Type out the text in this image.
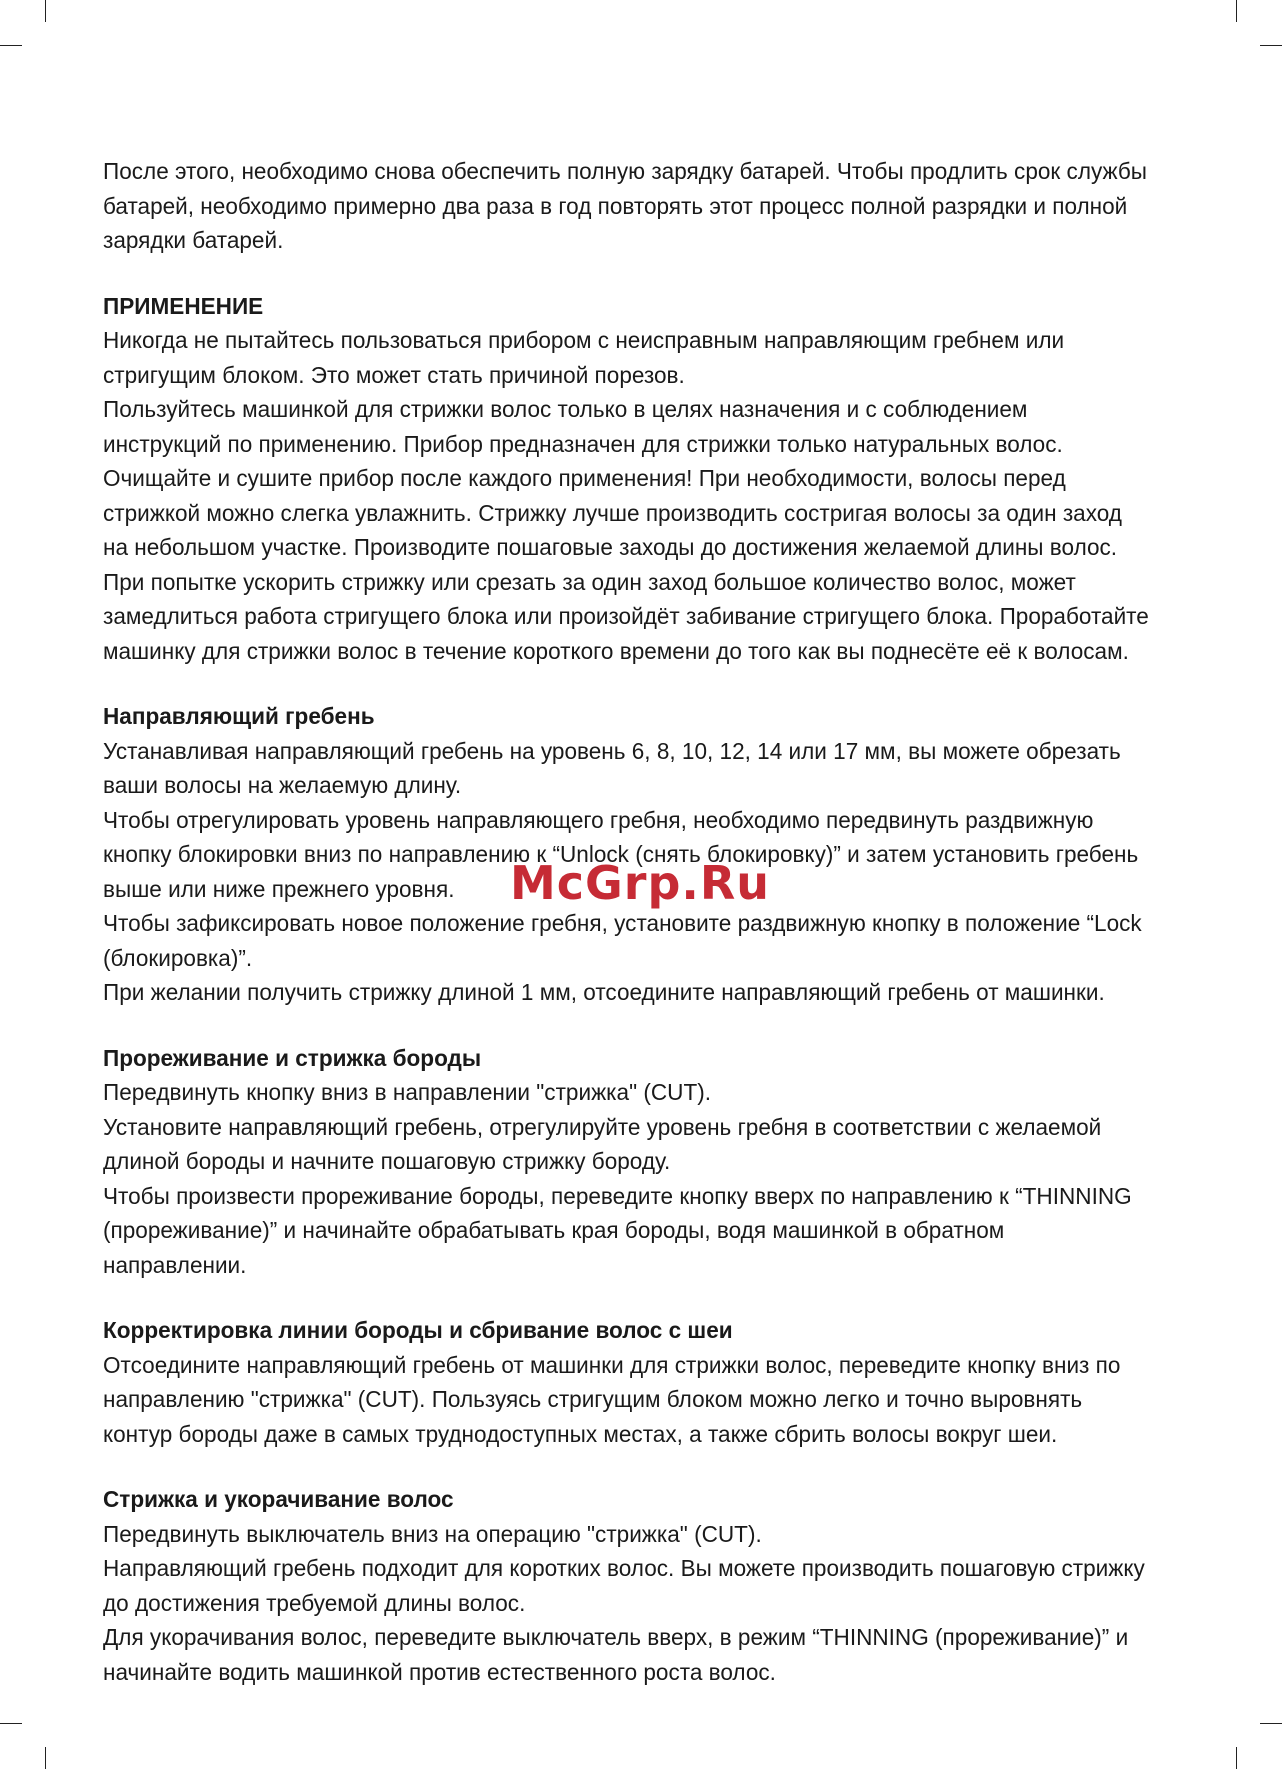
После этого, необходимо снова обеспечить полную зарядку батарей. Чтобы продлить срок службы батарей, необходимо примерно два раза в год повторять этот процесс полной разрядки и полной зарядки батарей.

ПРИМЕНЕНИЕ

Никогда не пытайтесь пользоваться прибором с неисправным направляющим гребнем или стригущим блоком. Это может стать причиной порезов.

Пользуйтесь машинкой для стрижки волос только в целях назначения и с соблюдением инструкций по применению. Прибор предназначен для стрижки только натуральных волос. Очищайте и сушите прибор после каждого применения! При необходимости, волосы перед стрижкой можно слегка увлажнить. Стрижку лучше производить состригая волосы за один заход на небольшом участке. Производите пошаговые заходы до достижения желаемой длины волос. При попытке ускорить стрижку или срезать за один заход большое количество волос, может замедлиться работа стригущего блока или произойдёт забивание стригущего блока. Проработайте машинку для стрижки волос в течение короткого времени до того как вы поднесёте её к волосам.

Направляющий гребень

Устанавливая направляющий гребень на уровень 6, 8, 10, 12, 14 или 17 мм, вы можете обрезать ваши волосы на желаемую длину.

Чтобы отрегулировать уровень направляющего гребня, необходимо передвинуть раздвижную кнопку блокировки вниз по направлению к “Unlock (снять блокировку)” и затем установить гребень выше или ниже прежнего уровня.

Чтобы зафиксировать новое положение гребня, установите раздвижную кнопку в положение “Lock (блокировка)”.

При желании получить стрижку длиной 1 мм, отсоедините направляющий гребень от машинки.

Прореживание и стрижка бороды

Передвинуть кнопку вниз в направлении "стрижка" (CUT).

Установите направляющий гребень, отрегулируйте уровень гребня в соответствии с желаемой длиной бороды и начните пошаговую стрижку бороду.

Чтобы произвести прореживание бороды, переведите кнопку вверх по направлению к “THINNING (прореживание)” и начинайте обрабатывать края бороды, водя машинкой в обратном направлении.

Корректировка линии бороды и сбривание волос с шеи

Отсоедините направляющий гребень от машинки для стрижки волос, переведите кнопку вниз по направлению "стрижка" (CUT). Пользуясь стригущим блоком можно легко и точно выровнять контур бороды даже в самых труднодоступных местах, а также сбрить волосы вокруг шеи.

Стрижка и укорачивание волос

Передвинуть выключатель вниз на операцию "стрижка" (CUT).

Направляющий гребень подходит для коротких волос. Вы можете производить пошаговую стрижку до достижения требуемой длины волос.

Для укорачивания волос, переведите выключатель вверх, в режим “THINNING (прореживание)” и начинайте водить машинкой против естественного роста волос.

McGrp.Ru
